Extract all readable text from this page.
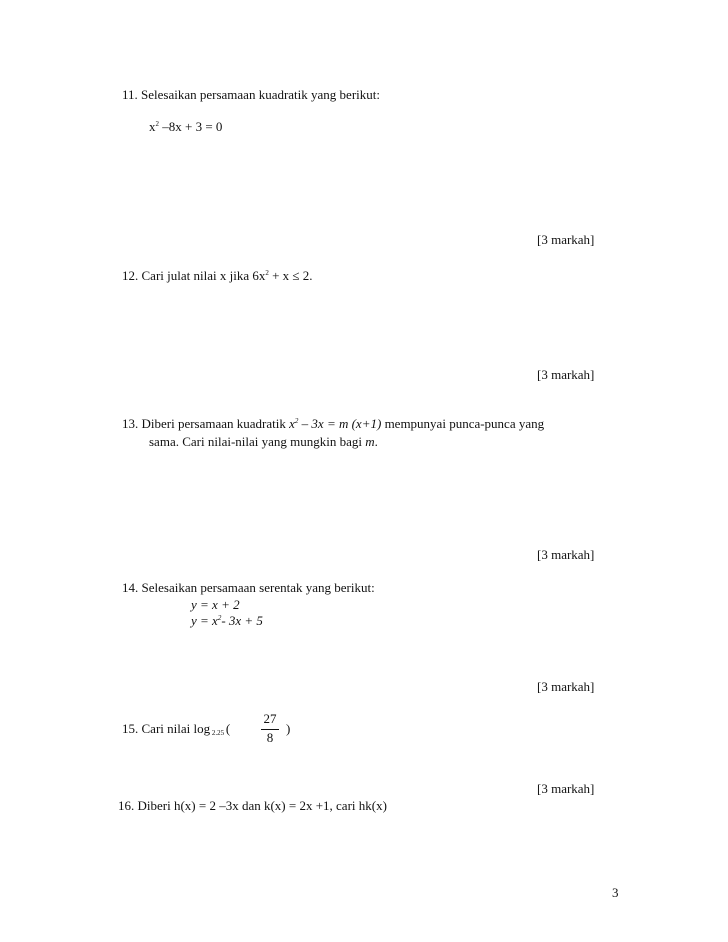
11. Selesaikan persamaan kuadratik yang berikut:
$x^2$ –8x + 3 = 0
[3 markah]
12. Cari julat nilai x jika $6x^2 + x \le 2$.
[3 markah]
13. Diberi persamaan kuadratik $x^2 - 3x = m$ (x+1) mempunyai punca-punca yang
sama. Cari nilai-nilai yang mungkin bagi m.
[3 markah]
14. Selesaikan persamaan serentak yang berikut:
y = x + 2
$y = x^2-$ 3x + 5
[3 markah]
15. Cari nilai log $_{2.25}$ (
27
8
)
[3 markah]
16. Diberi h(x) = 2 –3x dan k(x) = 2x +1, cari hk(x)
3
